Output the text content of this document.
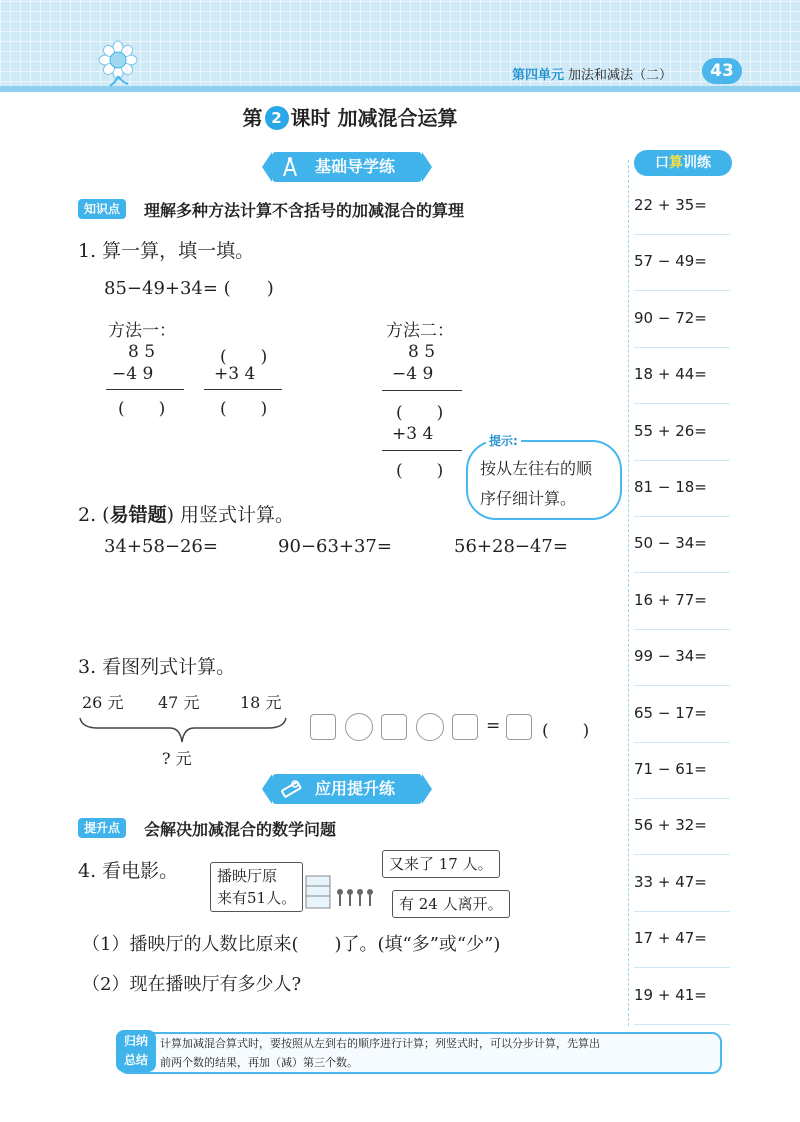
第四单元 加法和减法（二）	43
第 2 课时 加减混合运算
基础导学练
知识点	理解多种方法计算不含括号的加减混合的算理
1. 算一算，填一填。
85−49+34= (　　)
方法一：	方法二：
8 5
−4 9
(　　)
(　　)
+3 4
(　　)
8 5
−4 9
(　　)
+3 4
(　　)
提示:
按从左往右的顺
序仔细计算。
2. (易错题) 用竖式计算。
34+58−26=	90−63+37=	56+28−47=
3. 看图列式计算。
26 元 47 元	18 元
? 元
= (　　)
应用提升练
提升点	会解决加减混合的数学问题
4. 看电影。	播映厅原
来有51人。
又来了 17 人。
有 24 人离开。
（1）播映厅的人数比原来(　　)了。(填“多”或“少”)
（2）现在播映厅有多少人?
口算训练
22 + 35=
57 − 49=
90 − 72=
18 + 44=
55 + 26=
81 − 18=
50 − 34=
16 + 77=
99 − 34=
65 − 17=
71 − 61=
56 + 32=
33 + 47=
17 + 47=
19 + 41=
归纳
总结
计算加减混合算式时，要按照从左到右的顺序进行计算；列竖式时，可以分步计算，先算出
前两个数的结果，再加（减）第三个数。
